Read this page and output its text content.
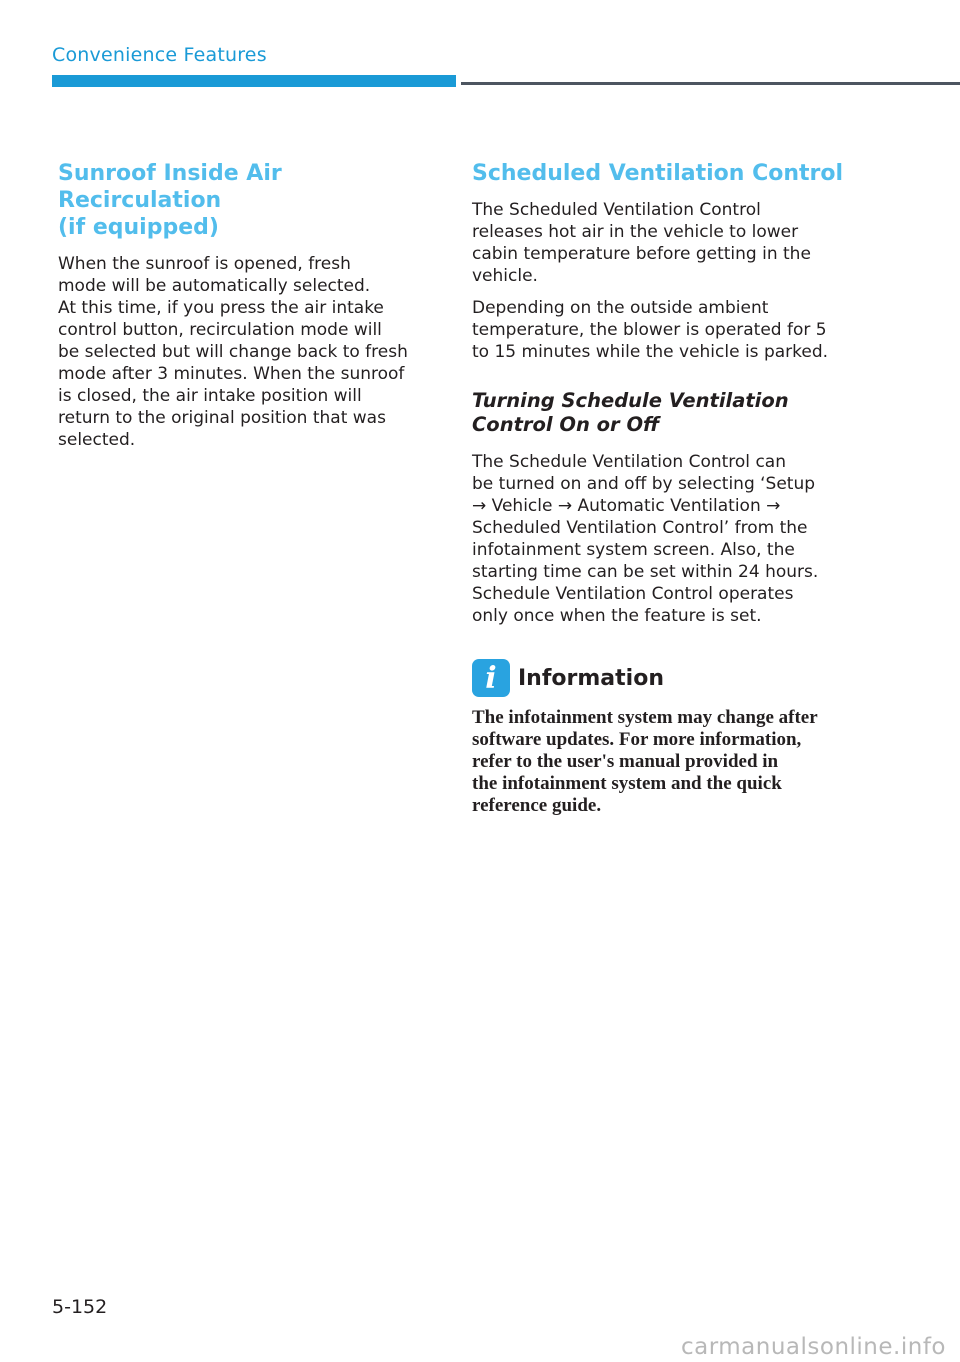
Convenience Features
Sunroof Inside Air Recirculation
(if equipped)

When the sunroof is opened, fresh
mode will be automatically selected.
At this time, if you press the air intake
control button, recirculation mode will
be selected but will change back to fresh
mode after 3 minutes. When the sunroof
is closed, the air intake position will
return to the original position that was
selected.

Scheduled Ventilation Control

The Scheduled Ventilation Control
releases hot air in the vehicle to lower
cabin temperature before getting in the
vehicle.

Depending on the outside ambient
temperature, the blower is operated for 5
to 15 minutes while the vehicle is parked.

Turning Schedule Ventilation
Control On or Off

The Schedule Ventilation Control can
be turned on and off by selecting ‘Setup
→ Vehicle → Automatic Ventilation →
Scheduled Ventilation Control’ from the
infotainment system screen. Also, the
starting time can be set within 24 hours.
Schedule Ventilation Control operates
only once when the feature is set.

i Information

The infotainment system may change after
software updates. For more information,
refer to the user's manual provided in
the infotainment system and the quick
reference guide.

5-152
carmanualsonline.info
